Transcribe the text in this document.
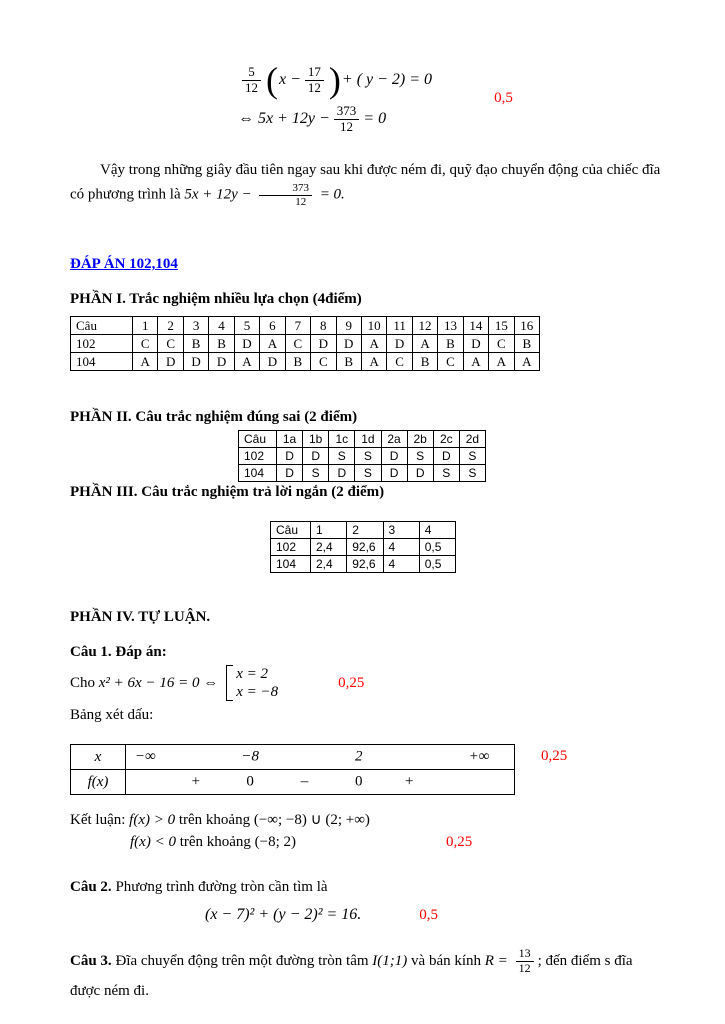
$\frac{5}{12}$ ( $x - \frac{17}{12}$ ) + ( y − 2) = 0
⇔ $5x + 12y - \frac{373}{12} = 0$
0,5

Vậy trong những giây đầu tiên ngay sau khi được ném đi, quỹ đạo chuyển động của chiếc đĩa
có phương trình là $5x + 12y - \frac{373}{12} = 0$.

ĐÁP ÁN 102,104
PHẦN I. Trắc nghiệm nhiều lựa chọn (4điểm)
Câu	1	2	3	4	5	6	7	8	9	10	11	12	13	14	15	16
102	C	C	B	B	D	A	C	D	D	A	D	A	B	D	C	B
104	A	D	D	D	A	D	B	C	B	A	C	B	C	A	A	A
PHẦN II. Câu trắc nghiệm đúng sai (2 điểm)
Câu	1a	1b	1c	1d	2a	2b	2c	2d
102	D	D	S	S	D	S	D	S
104	D	S	D	S	D	D	S	S
PHẦN III. Câu trắc nghiệm trả lời ngắn (2 điểm)
Câu	1	2	3	4
102	2,4	92,6	4	0,5
104	2,4	92,6	4	0,5
PHẦN IV. TỰ LUẬN.

Câu 1. Đáp án:

Cho
x² + 6x − 16 = 0 ⇔
x = 2
x = −8
0,25

Bảng xét dấu:

x	−∞ −8 2 +∞

f(x)	+ 0 – 0 +
0,25
Kết luận: f(x) > 0 trên khoảng (−∞; −8) ∪ (2; +∞)
f(x) < 0
trên khoảng
(−8; 2)	0,25

Câu 2. Phương trình đường tròn cần tìm là

(x − 7)² + (y − 2)² = 16.	0,5

Câu 3. Đĩa chuyển động trên một đường tròn tâm I(1;1) và bán kính $R = \frac{13}{12}$ ; đến điểm s đĩa được ném đi.
